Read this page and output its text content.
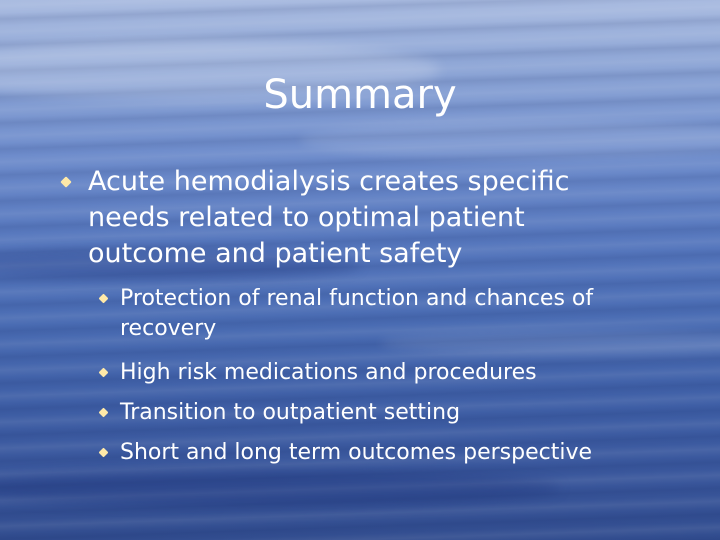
Summary
Acute hemodialysis creates specific needs related to optimal patient outcome and patient safety
Protection of renal function and chances of recovery
High risk medications and procedures
Transition to outpatient setting
Short and long term outcomes perspective
